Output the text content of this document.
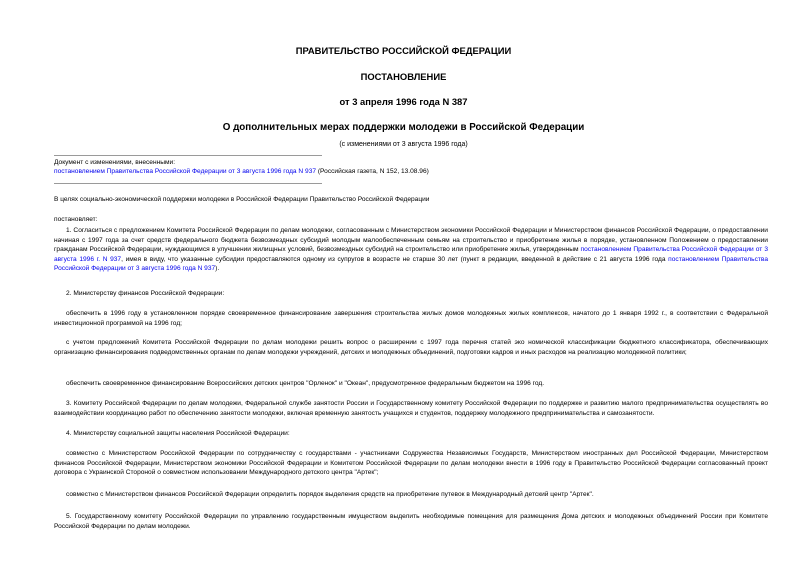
ПРАВИТЕЛЬСТВО РОССИЙСКОЙ ФЕДЕРАЦИИ
ПОСТАНОВЛЕНИЕ
от 3 апреля 1996 года N 387
О дополнительных мерах поддержки молодежи в Российской Федерации
(с изменениями от 3 августа 1996 года)
Документ с изменениями, внесенными:
постановлением Правительства Российской Федерации от 3 августа 1996 года N 937 (Российская газета, N 152, 13.08.96)

В целях социально-экономической поддержки молодежи в Российской Федерации Правительство Российской Федерации

постановляет:

1. Согласиться с предложением Комитета Российской Федерации по делам молодежи, согласованным с Министерством экономики Российской Федерации и Министерством финансов Российской Федерации, о предоставлении начиная с 1997 года за счет средств федерального бюджета безвозмездных субсидий молодым малообеспеченным семьям на строительство и приобретение жилья в порядке, установленном Положением о предоставлении гражданам Российской Федерации, нуждающимся в улучшении жилищных условий, безвозмездных субсидий на строительство или приобретение жилья, утвержденным постановлением Правительства Российской Федерации от 3 августа 1996 г. N 937, имея в виду, что указанные субсидии предоставляются одному из супругов в возрасте не старше 30 лет (пункт в редакции, введенной в действие с 21 августа 1996 года постановлением Правительства Российской Федерации от 3 августа 1996 года N 937).

2. Министерству финансов Российской Федерации:

обеспечить в 1996 году в установленном порядке своевременное финансирование завершения строительства жилых домов молодежных жилых комплексов, начатого до 1 января 1992 г., в соответствии с Федеральной инвестиционной программой на 1996 год;

с учетом предложений Комитета Российской Федерации по делам молодежи решить вопрос о расширении с 1997 года перечня статей эко номической классификации бюджетного классификатора, обеспечивающих организацию финансирования подведомственных органам по делам молодежи учреждений, детских и молодежных объединений, подготовки кадров и иных расходов на реализацию молодежной политики;

обеспечить своевременное финансирование Всероссийских детских центров "Орленок" и "Океан", предусмотренное федеральным бюджетом на 1996 год.

3. Комитету Российской Федерации по делам молодежи, Федеральной службе занятости России и Государственному комитету Российской Федерации по поддержке и развитию малого предпринимательства осуществлять во взаимодействии координацию работ по обеспечению занятости молодежи, включая временную занятость учащихся и студентов, поддержку молодежного предпринимательства и самозанятости.

4. Министерству социальной защиты населения Российской Федерации:

совместно с Министерством Российской Федерации по сотрудничеству с государствами - участниками Содружества Независимых Государств, Министерством иностранных дел Российской Федерации, Министерством финансов Российской Федерации, Министерством экономики Российской Федерации и Комитетом Российской Федерации по делам молодежи внести в 1996 году в Правительство Российской Федерации согласованный проект договора с Украинской Стороной о совместном использовании Международного детского центра "Артек";

совместно с Министерством финансов Российской Федерации определить порядок выделения средств на приобретение путевок в Международный детский центр "Артек".

5. Государственному комитету Российской Федерации по управлению государственным имуществом выделить необходимые помещения для размещения Дома детских и молодежных объединений России при Комитете Российской Федерации по делам молодежи.
